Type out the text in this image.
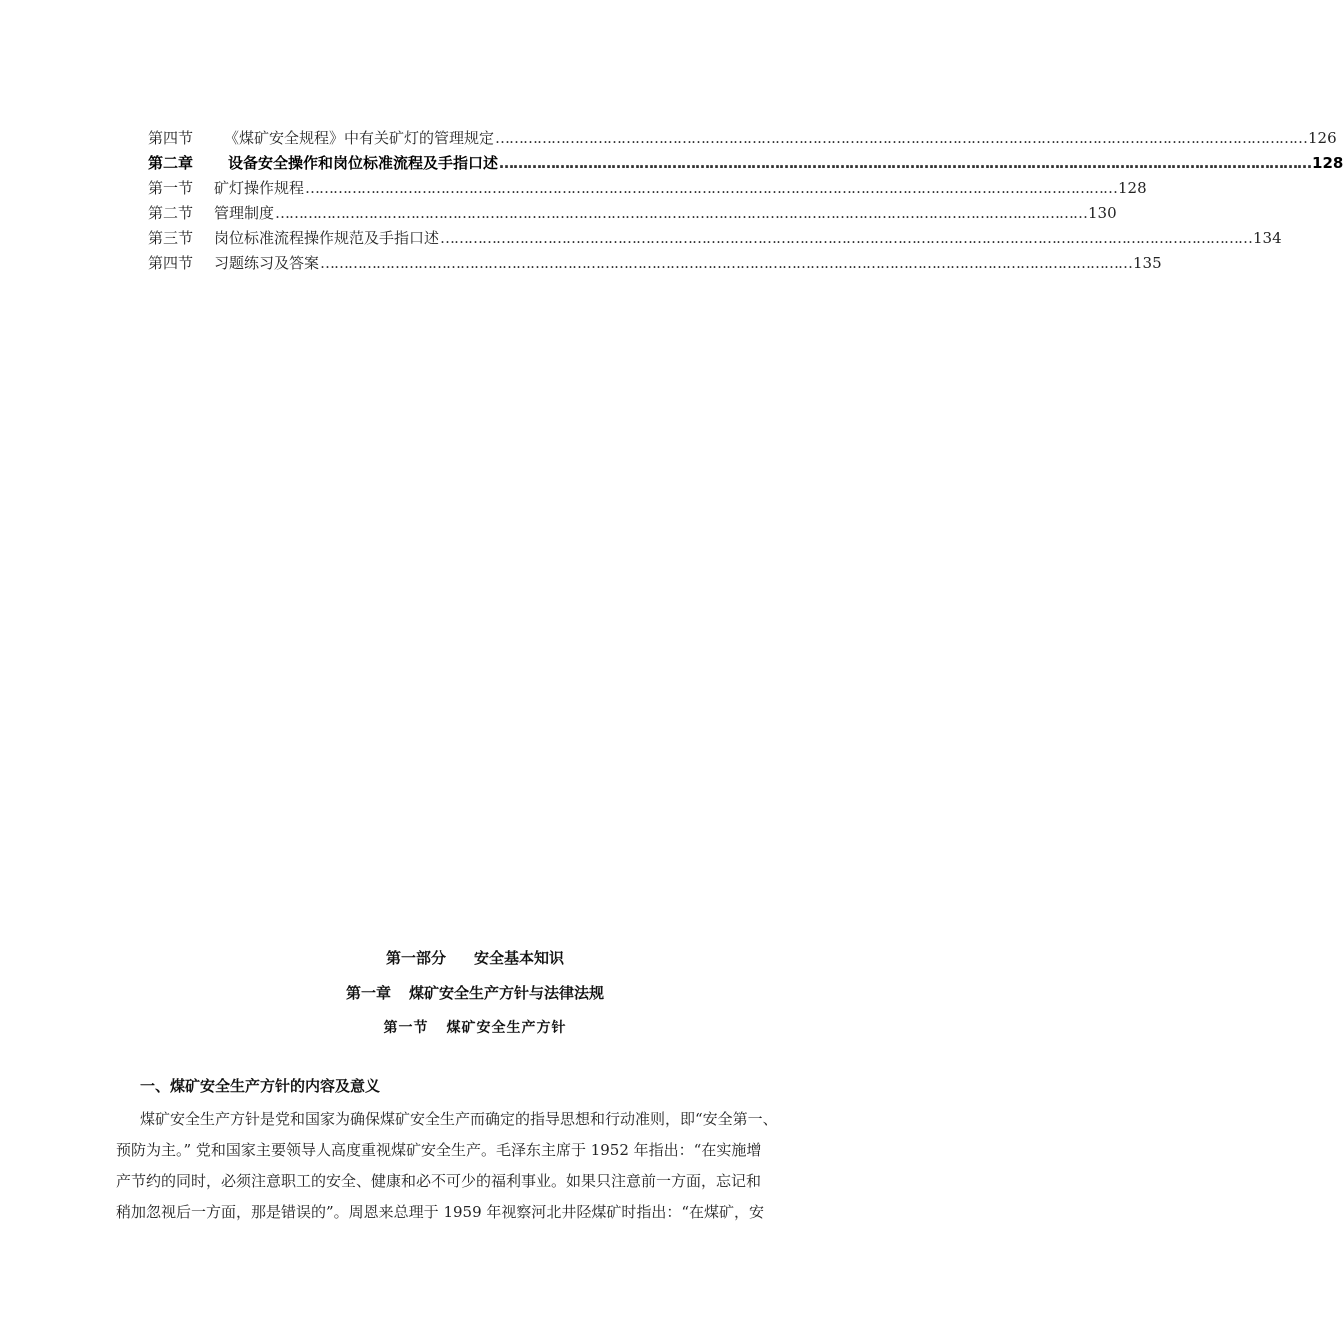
第四节	《煤矿安全规程》中有关矿灯的管理规定 ………………………………………………………………………………………………………………………………………………………… 126
第二章	设备安全操作和岗位标准流程及手指口述 ………………………………………………………………………………………………………………………………………………………… 128
第一节	矿灯操作规程 ………………………………………………………………………………………………………………………………………………………… 128
第二节	管理制度 ………………………………………………………………………………………………………………………………………………………… 130
第三节	岗位标准流程操作规范及手指口述 ………………………………………………………………………………………………………………………………………………………… 134
第四节	习题练习及答案 ………………………………………………………………………………………………………………………………………………………… 135
第一部分 安全基本知识
第一章 煤矿安全生产方针与法律法规
第一节 煤矿安全生产方针
一、煤矿安全生产方针的内容及意义
煤矿安全生产方针是党和国家为确保煤矿安全生产而确定的指导思想和行动准则，即“安全第一、
预防为主。” 党和国家主要领导人高度重视煤矿安全生产。毛泽东主席于 1952 年指出：“在实施增
产节约的同时，必须注意职工的安全、健康和必不可少的福利事业。如果只注意前一方面，忘记和
稍加忽视后一方面，那是错误的”。周恩来总理于 1959 年视察河北井陉煤矿时指出：“在煤矿，安
